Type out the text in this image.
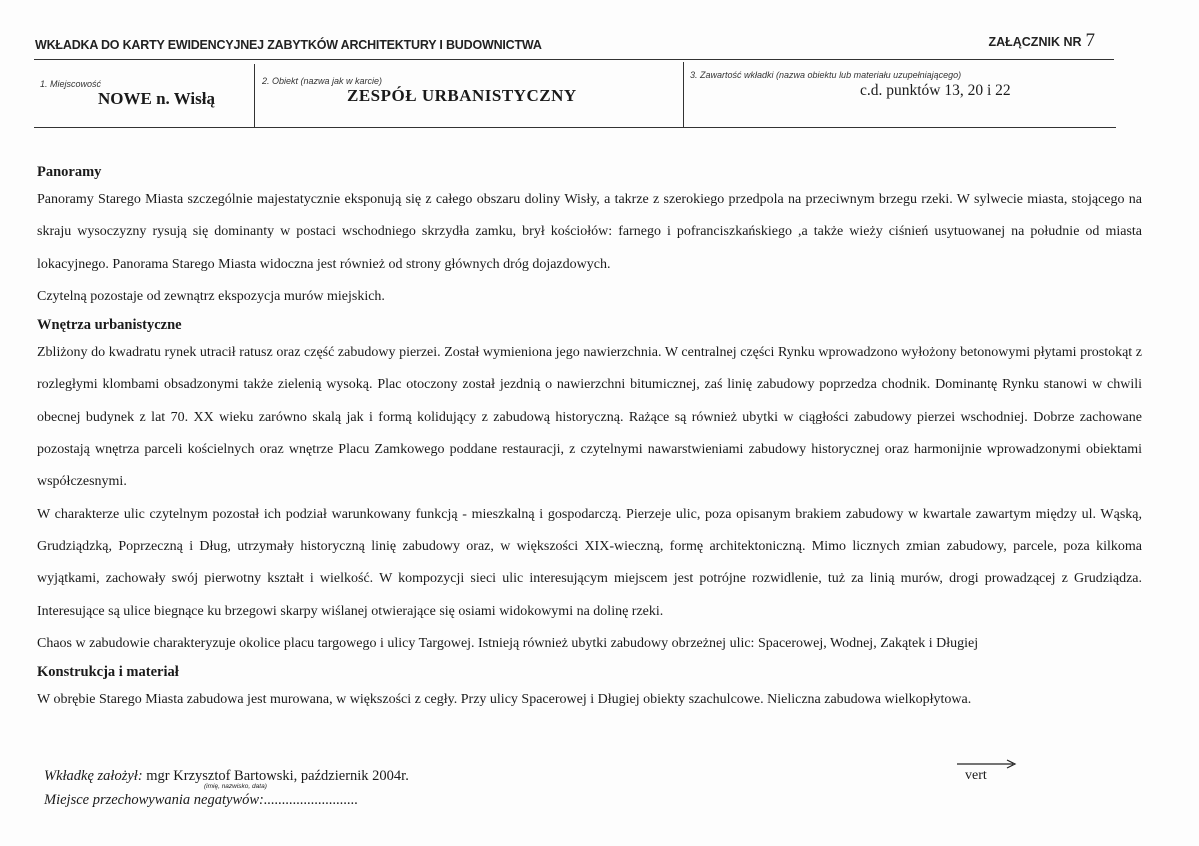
WKŁADKA DO KARTY EWIDENCYJNEJ ZABYTKÓW ARCHITEKTURY I BUDOWNICTWA	ZAŁĄCZNIK NR 7
1. Miejscowość
NOWE n. Wisłą
2. Obiekt (nazwa jak w karcie)
ZESPÓŁ URBANISTYCZNY
3. Zawartość wkładki (nazwa obiektu lub materiału uzupełniającego)
c.d. punktów 13, 20 i 22

Panoramy

Panoramy Starego Miasta szczególnie majestatycznie eksponują się z całego obszaru doliny Wisły, a takrze z szerokiego przedpola na przeciwnym brzegu rzeki. W sylwecie miasta, stojącego na skraju wysoczyzny rysują się dominanty w postaci wschodniego skrzydła zamku, brył kościołów: farnego i pofranciszkańskiego ,a także wieży ciśnień usytuowanej na południe od miasta lokacyjnego. Panorama Starego Miasta widoczna jest również od strony głównych dróg dojazdowych.

Czytelną pozostaje od zewnątrz ekspozycja murów miejskich.

Wnętrza urbanistyczne

Zbliżony do kwadratu rynek utracił ratusz oraz część zabudowy pierzei. Został wymieniona jego nawierzchnia. W centralnej części Rynku wprowadzono wyłożony betonowymi płytami prostokąt z rozległymi klombami obsadzonymi także zielenią wysoką. Plac otoczony został jezdnią o nawierzchni bitumicznej, zaś linię zabudowy poprzedza chodnik. Dominantę Rynku stanowi w chwili obecnej budynek z lat 70. XX wieku zarówno skalą jak i formą kolidujący z zabudową historyczną. Rażące są również ubytki w ciągłości zabudowy pierzei wschodniej. Dobrze zachowane pozostają wnętrza parceli kościelnych oraz wnętrze Placu Zamkowego poddane restauracji, z czytelnymi nawarstwieniami zabudowy historycznej oraz harmonijnie wprowadzonymi obiektami współczesnymi.

W charakterze ulic czytelnym pozostał ich podział warunkowany funkcją - mieszkalną i gospodarczą. Pierzeje ulic, poza opisanym brakiem zabudowy w kwartale zawartym między ul. Wąską, Grudziądzką, Poprzeczną i Dług, utrzymały historyczną linię zabudowy oraz, w większości XIX-wieczną, formę architektoniczną. Mimo licznych zmian zabudowy, parcele, poza kilkoma wyjątkami, zachowały swój pierwotny kształt i wielkość. W kompozycji sieci ulic interesującym miejscem jest potrójne rozwidlenie, tuż za linią murów, drogi prowadzącej z Grudziądza. Interesujące są ulice biegnące ku brzegowi skarpy wiślanej otwierające się osiami widokowymi na dolinę rzeki.

Chaos w zabudowie charakteryzuje okolice placu targowego i ulicy Targowej. Istnieją również ubytki zabudowy obrzeżnej ulic: Spacerowej, Wodnej, Zakątek i Długiej

Konstrukcja i materiał

W obrębie Starego Miasta zabudowa jest murowana, w większości z cegły. Przy ulicy Spacerowej i Długiej obiekty szachulcowe. Nieliczna zabudowa wielkopłytowa.

Wkładkę założył: mgr Krzysztof Bartowski, październik 2004r.
(imię, nazwisko, data)
Miejsce przechowywania negatywów:..........................
vert
